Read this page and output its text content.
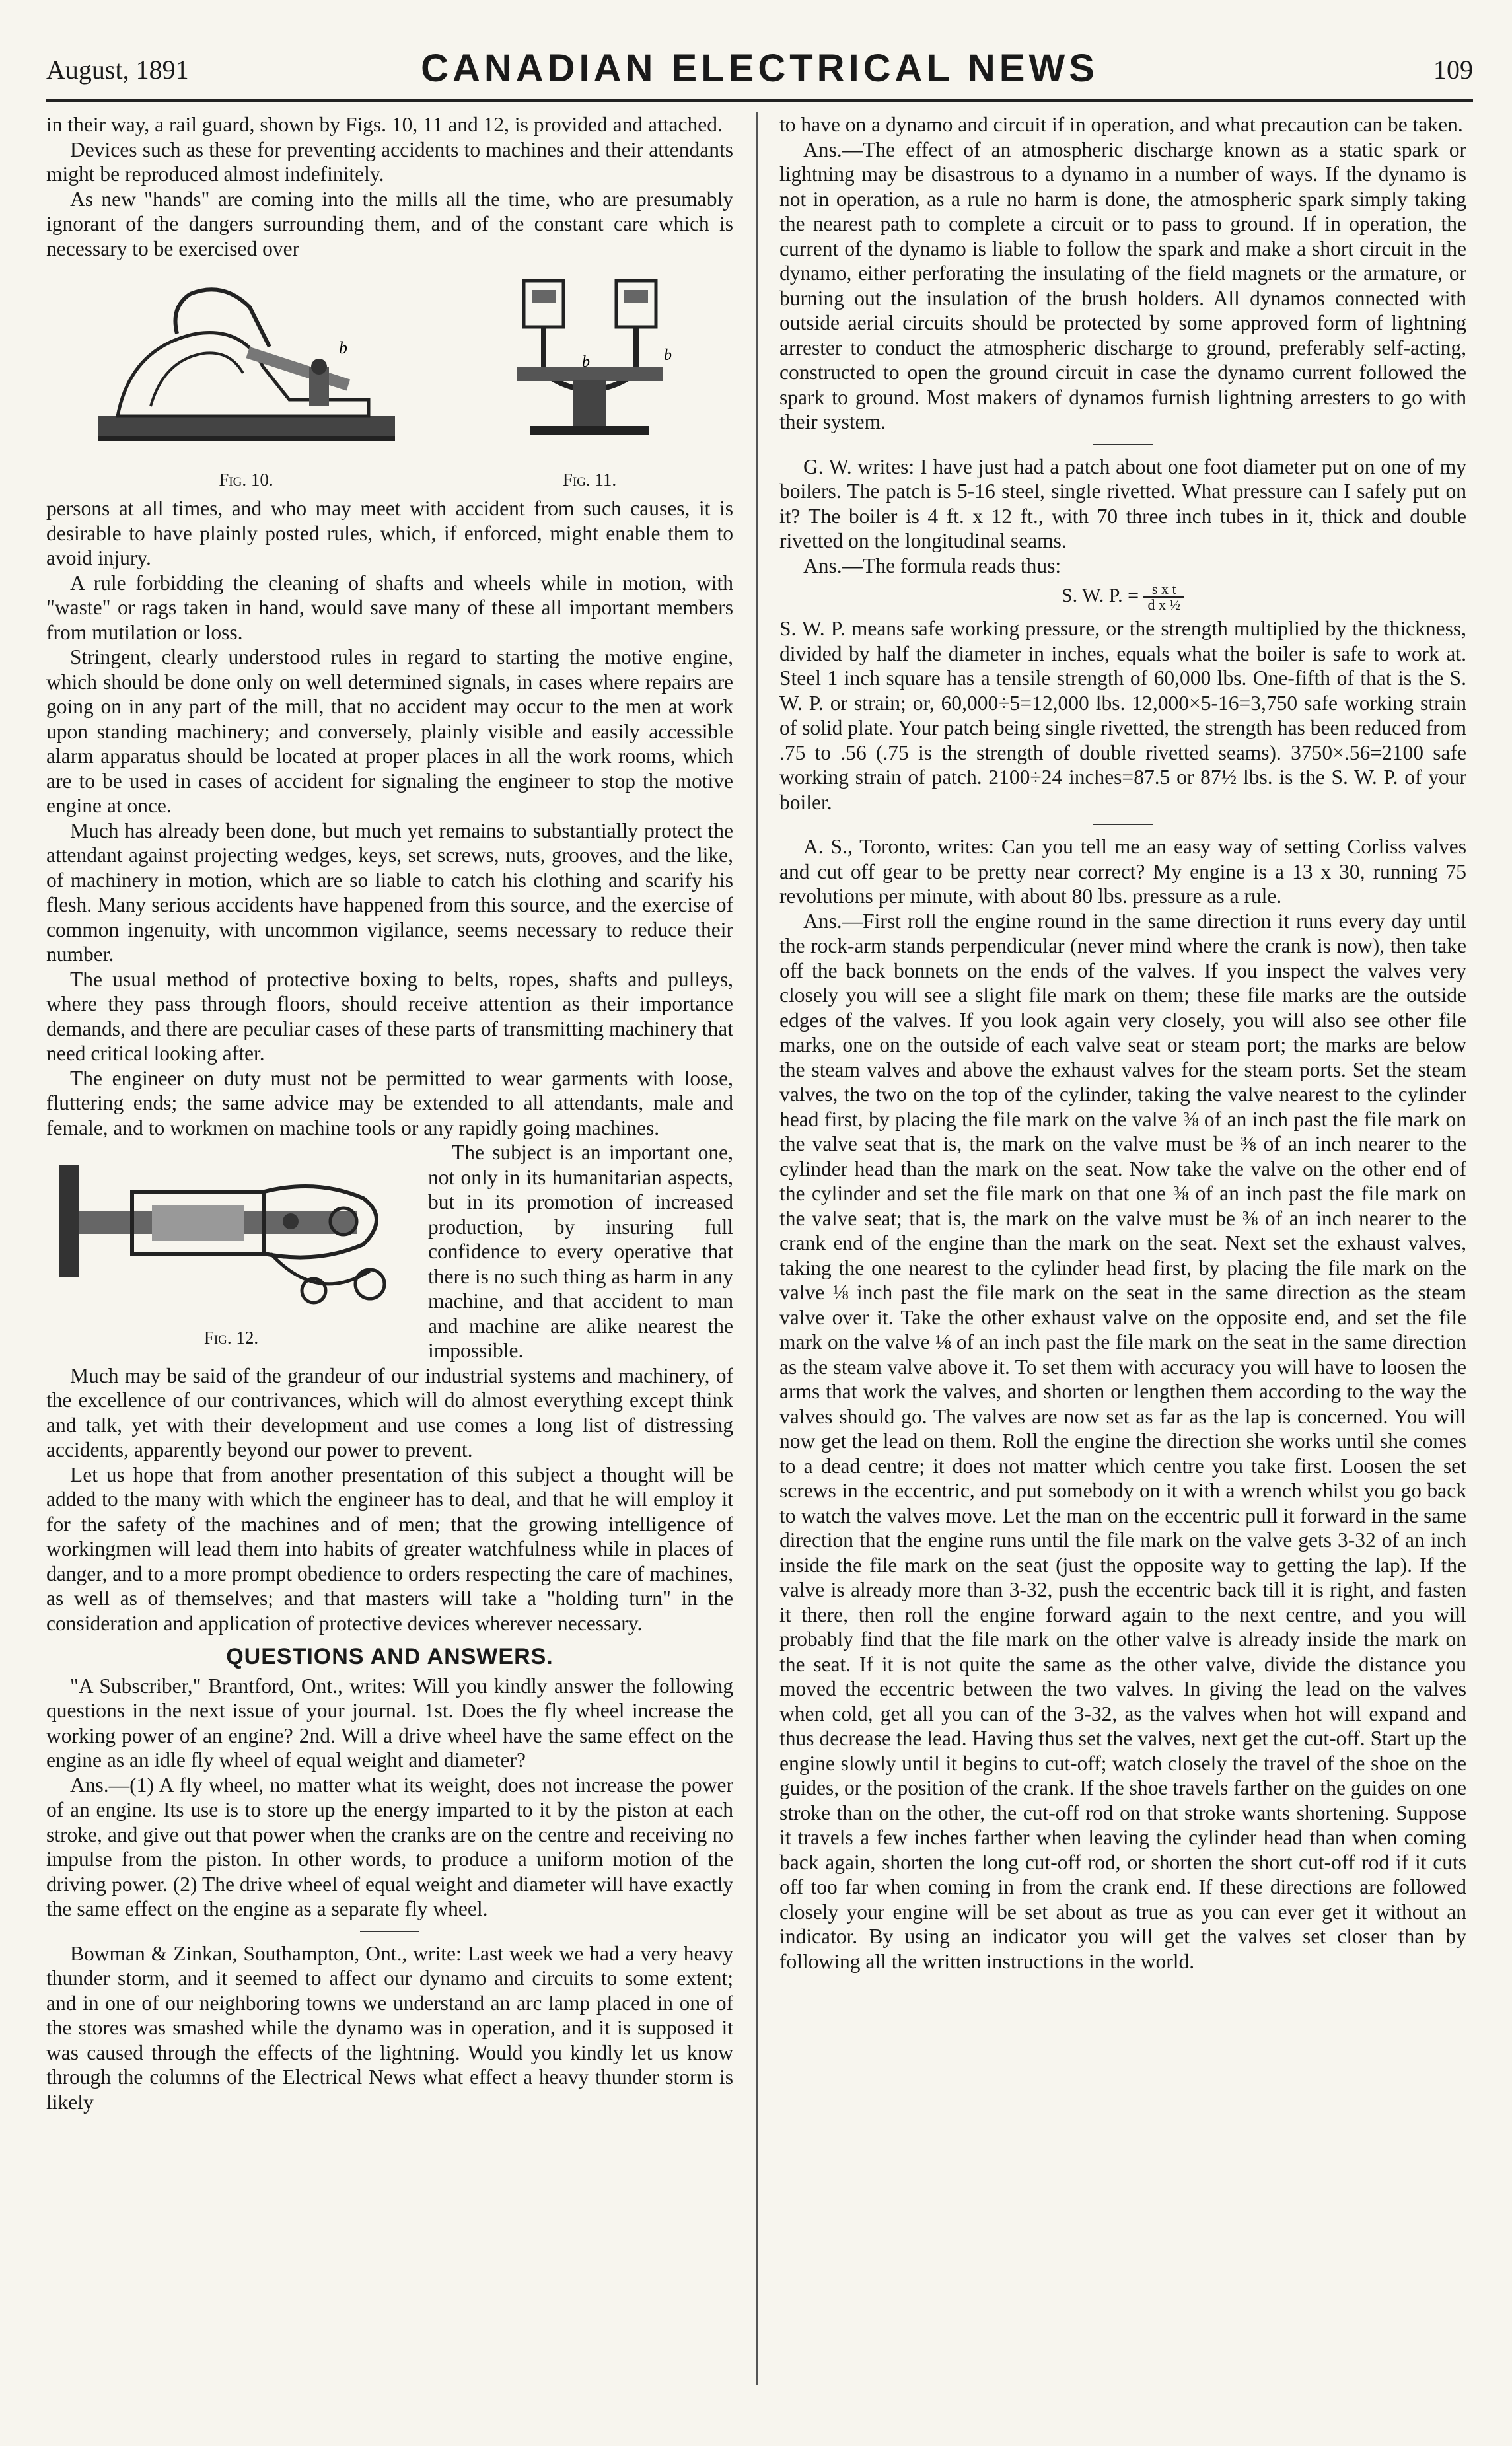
August, 1891	CANADIAN ELECTRICAL NEWS	109

in their way, a rail guard, shown by Figs. 10, 11 and 12, is provided and attached.

Devices such as these for preventing accidents to machines and their attendants might be reproduced almost indefinitely.

As new "hands" are coming into the mills all the time, who are presumably ignorant of the dangers surrounding them, and of the constant care which is necessary to be exercised over

b
Fig. 10.
b	b
Fig. 11.

persons at all times, and who may meet with accident from such causes, it is desirable to have plainly posted rules, which, if enforced, might enable them to avoid injury.

A rule forbidding the cleaning of shafts and wheels while in motion, with "waste" or rags taken in hand, would save many of these all important members from mutilation or loss.

Stringent, clearly understood rules in regard to starting the motive engine, which should be done only on well determined signals, in cases where repairs are going on in any part of the mill, that no accident may occur to the men at work upon standing machinery; and conversely, plainly visible and easily accessible alarm apparatus should be located at proper places in all the work rooms, which are to be used in cases of accident for signaling the engineer to stop the motive engine at once.

Much has already been done, but much yet remains to substantially protect the attendant against projecting wedges, keys, set screws, nuts, grooves, and the like, of machinery in motion, which are so liable to catch his clothing and scarify his flesh. Many serious accidents have happened from this source, and the exercise of common ingenuity, with uncommon vigilance, seems necessary to reduce their number.

The usual method of protective boxing to belts, ropes, shafts and pulleys, where they pass through floors, should receive attention as their importance demands, and there are peculiar cases of these parts of transmitting machinery that need critical looking after.

The engineer on duty must not be permitted to wear garments with loose, fluttering ends; the same advice may be extended to all attendants, male and female, and to workmen on machine tools or any rapidly going machines.

Fig. 12.

The subject is an important one, not only in its humanitarian aspects, but in its promotion of increased production, by insuring full confidence to every operative that there is no such thing as harm in any machine, and that accident to man and machine are alike nearest the impossible.

Much may be said of the grandeur of our industrial systems and machinery, of the excellence of our contrivances, which will do almost everything except think and talk, yet with their development and use comes a long list of distressing accidents, apparently beyond our power to prevent.

Let us hope that from another presentation of this subject a thought will be added to the many with which the engineer has to deal, and that he will employ it for the safety of the machines and of men; that the growing intelligence of workingmen will lead them into habits of greater watchfulness while in places of danger, and to a more prompt obedience to orders respecting the care of machines, as well as of themselves; and that masters will take a "holding turn" in the consideration and application of protective devices wherever necessary.

QUESTIONS AND ANSWERS.

"A Subscriber," Brantford, Ont., writes: Will you kindly answer the following questions in the next issue of your journal. 1st. Does the fly wheel increase the working power of an engine? 2nd. Will a drive wheel have the same effect on the engine as an idle fly wheel of equal weight and diameter?

Ans.—(1) A fly wheel, no matter what its weight, does not increase the power of an engine. Its use is to store up the energy imparted to it by the piston at each stroke, and give out that power when the cranks are on the centre and receiving no impulse from the piston. In other words, to produce a uniform motion of the driving power. (2) The drive wheel of equal weight and diameter will have exactly the same effect on the engine as a separate fly wheel.

Bowman & Zinkan, Southampton, Ont., write: Last week we had a very heavy thunder storm, and it seemed to affect our dynamo and circuits to some extent; and in one of our neighboring towns we understand an arc lamp placed in one of the stores was smashed while the dynamo was in operation, and it is supposed it was caused through the effects of the lightning. Would you kindly let us know through the columns of the Electrical News what effect a heavy thunder storm is likely

to have on a dynamo and circuit if in operation, and what precaution can be taken.

Ans.—The effect of an atmospheric discharge known as a static spark or lightning may be disastrous to a dynamo in a number of ways. If the dynamo is not in operation, as a rule no harm is done, the atmospheric spark simply taking the nearest path to complete a circuit or to pass to ground. If in operation, the current of the dynamo is liable to follow the spark and make a short circuit in the dynamo, either perforating the insulating of the field magnets or the armature, or burning out the insulation of the brush holders. All dynamos connected with outside aerial circuits should be protected by some approved form of lightning arrester to conduct the atmospheric discharge to ground, preferably self-acting, constructed to open the ground circuit in case the dynamo current followed the spark to ground. Most makers of dynamos furnish lightning arresters to go with their system.

G. W. writes: I have just had a patch about one foot diameter put on one of my boilers. The patch is 5-16 steel, single rivetted. What pressure can I safely put on it? The boiler is 4 ft. x 12 ft., with 70 three inch tubes in it, thick and double rivetted on the longitudinal seams.

Ans.—The formula reads thus:

S. W. P. = $\frac{\text{s x t}}{\text{d x ½}}$

S. W. P. means safe working pressure, or the strength multiplied by the thickness, divided by half the diameter in inches, equals what the boiler is safe to work at. Steel 1 inch square has a tensile strength of 60,000 lbs. One-fifth of that is the S. W. P. or strain; or, 60,000÷5=12,000 lbs. 12,000×5-16=3,750 safe working strain of solid plate. Your patch being single rivetted, the strength has been reduced from .75 to .56 (.75 is the strength of double rivetted seams). 3750×.56=2100 safe working strain of patch. 2100÷24 inches=87.5 or 87½ lbs. is the S. W. P. of your boiler.

A. S., Toronto, writes: Can you tell me an easy way of setting Corliss valves and cut off gear to be pretty near correct? My engine is a 13 x 30, running 75 revolutions per minute, with about 80 lbs. pressure as a rule.

Ans.—First roll the engine round in the same direction it runs every day until the rock-arm stands perpendicular (never mind where the crank is now), then take off the back bonnets on the ends of the valves. If you inspect the valves very closely you will see a slight file mark on them; these file marks are the outside edges of the valves. If you look again very closely, you will also see other file marks, one on the outside of each valve seat or steam port; the marks are below the steam valves and above the exhaust valves for the steam ports. Set the steam valves, the two on the top of the cylinder, taking the valve nearest to the cylinder head first, by placing the file mark on the valve ⅜ of an inch past the file mark on the valve seat that is, the mark on the valve must be ⅜ of an inch nearer to the cylinder head than the mark on the seat. Now take the valve on the other end of the cylinder and set the file mark on that one ⅜ of an inch past the file mark on the valve seat; that is, the mark on the valve must be ⅜ of an inch nearer to the crank end of the engine than the mark on the seat. Next set the exhaust valves, taking the one nearest to the cylinder head first, by placing the file mark on the valve ⅛ inch past the file mark on the seat in the same direction as the steam valve over it. Take the other exhaust valve on the opposite end, and set the file mark on the valve ⅛ of an inch past the file mark on the seat in the same direction as the steam valve above it. To set them with accuracy you will have to loosen the arms that work the valves, and shorten or lengthen them according to the way the valves should go. The valves are now set as far as the lap is concerned. You will now get the lead on them. Roll the engine the direction she works until she comes to a dead centre; it does not matter which centre you take first. Loosen the set screws in the eccentric, and put somebody on it with a wrench whilst you go back to watch the valves move. Let the man on the eccentric pull it forward in the same direction that the engine runs until the file mark on the valve gets 3-32 of an inch inside the file mark on the seat (just the opposite way to getting the lap). If the valve is already more than 3-32, push the eccentric back till it is right, and fasten it there, then roll the engine forward again to the next centre, and you will probably find that the file mark on the other valve is already inside the mark on the seat. If it is not quite the same as the other valve, divide the distance you moved the eccentric between the two valves. In giving the lead on the valves when cold, get all you can of the 3-32, as the valves when hot will expand and thus decrease the lead. Having thus set the valves, next get the cut-off. Start up the engine slowly until it begins to cut-off; watch closely the travel of the shoe on the guides, or the position of the crank. If the shoe travels farther on the guides on one stroke than on the other, the cut-off rod on that stroke wants shortening. Suppose it travels a few inches farther when leaving the cylinder head than when coming back again, shorten the long cut-off rod, or shorten the short cut-off rod if it cuts off too far when coming in from the crank end. If these directions are followed closely your engine will be set about as true as you can ever get it without an indicator. By using an indicator you will get the valves set closer than by following all the written instructions in the world.
